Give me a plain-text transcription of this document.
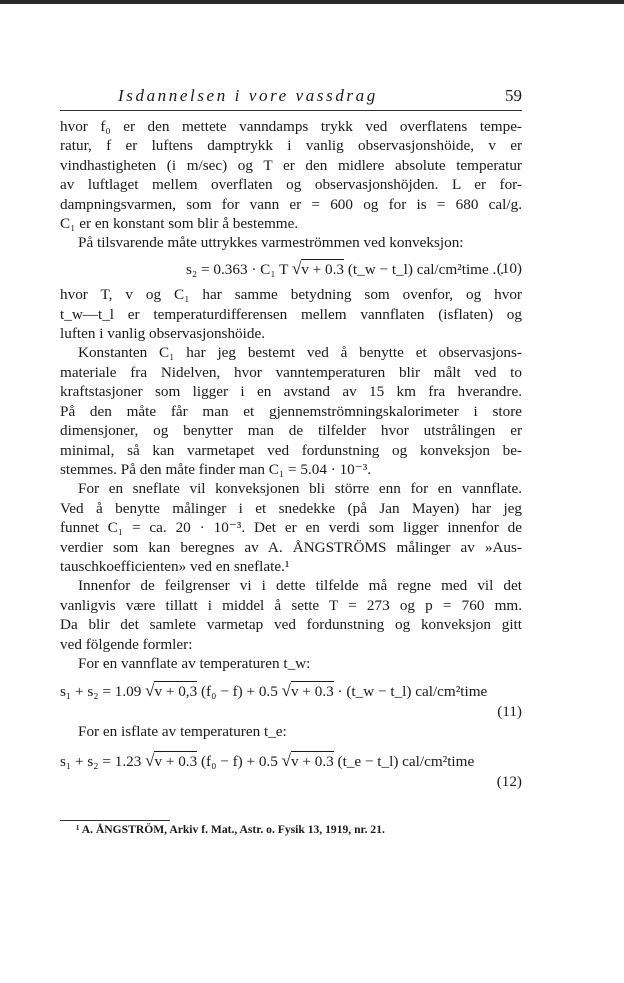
Isdannelsen i vore vassdrag	59

hvor f₀ er den mettete vanndamps trykk ved overflatens tempe-
ratur, f er luftens damptrykk i vanlig observasjonshöide, v er
vindhastigheten (i m/sec) og T er den midlere absolute temperatur
av luftlaget mellem overflaten og observasjonshöjden. L er for-
dampningsvarmen, som for vann er = 600 og for is = 680 cal/g.
C₁ er en konstant som blir å bestemme.

På tilsvarende måte uttrykkes varmeströmmen ved konveksjon:

s₂ = 0.363 · C₁ T √v + 0.3 (t_w − t_l) cal/cm²time . .
(10)

hvor T, v og C₁ har samme betydning som ovenfor, og hvor
t_w—t_l er temperaturdifferensen mellem vannflaten (isflaten) og
luften i vanlig observasjonshöide.

Konstanten C₁ har jeg bestemt ved å benytte et observasjons-
materiale fra Nidelven, hvor vanntemperaturen blir målt ved to
kraftstasjoner som ligger i en avstand av 15 km fra hverandre.
På den måte får man et gjennemströmningskalorimeter i store
dimensjoner, og benytter man de tilfelder hvor utstrålingen er
minimal, så kan varmetapet ved fordunstning og konveksjon be-
stemmes. På den måte finder man C₁ = 5.04 · 10⁻³.

For en sneflate vil konveksjonen bli större enn for en vannflate.
Ved å benytte målinger i et snedekke (på Jan Mayen) har jeg
funnet C₁ = ca. 20 · 10⁻³. Det er en verdi som ligger innenfor de
verdier som kan beregnes av A. ÅNGSTRÖMS målinger av »Aus-
tauschkoefficienten» ved en sneflate.¹

Innenfor de feilgrenser vi i dette tilfelde må regne med vil det
vanligvis være tillatt i middel å sette T = 273 og p = 760 mm.
Da blir det samlete varmetap ved fordunstning og konveksjon gitt
ved fölgende formler:

For en vannflate av temperaturen t_w:

s₁ + s₂ = 1.09 √v + 0,3 (f₀ − f) + 0.5 √v + 0.3 · (t_w − t_l) cal/cm²time
(11)

For en isflate av temperaturen t_e:

s₁ + s₂ = 1.23 √v + 0.3 (f₀ − f) + 0.5 √v + 0.3 (t_e − t_l) cal/cm²time
(12)
¹ A. ÅNGSTRÖM, Arkiv f. Mat., Astr. o. Fysik 13, 1919, nr. 21.
